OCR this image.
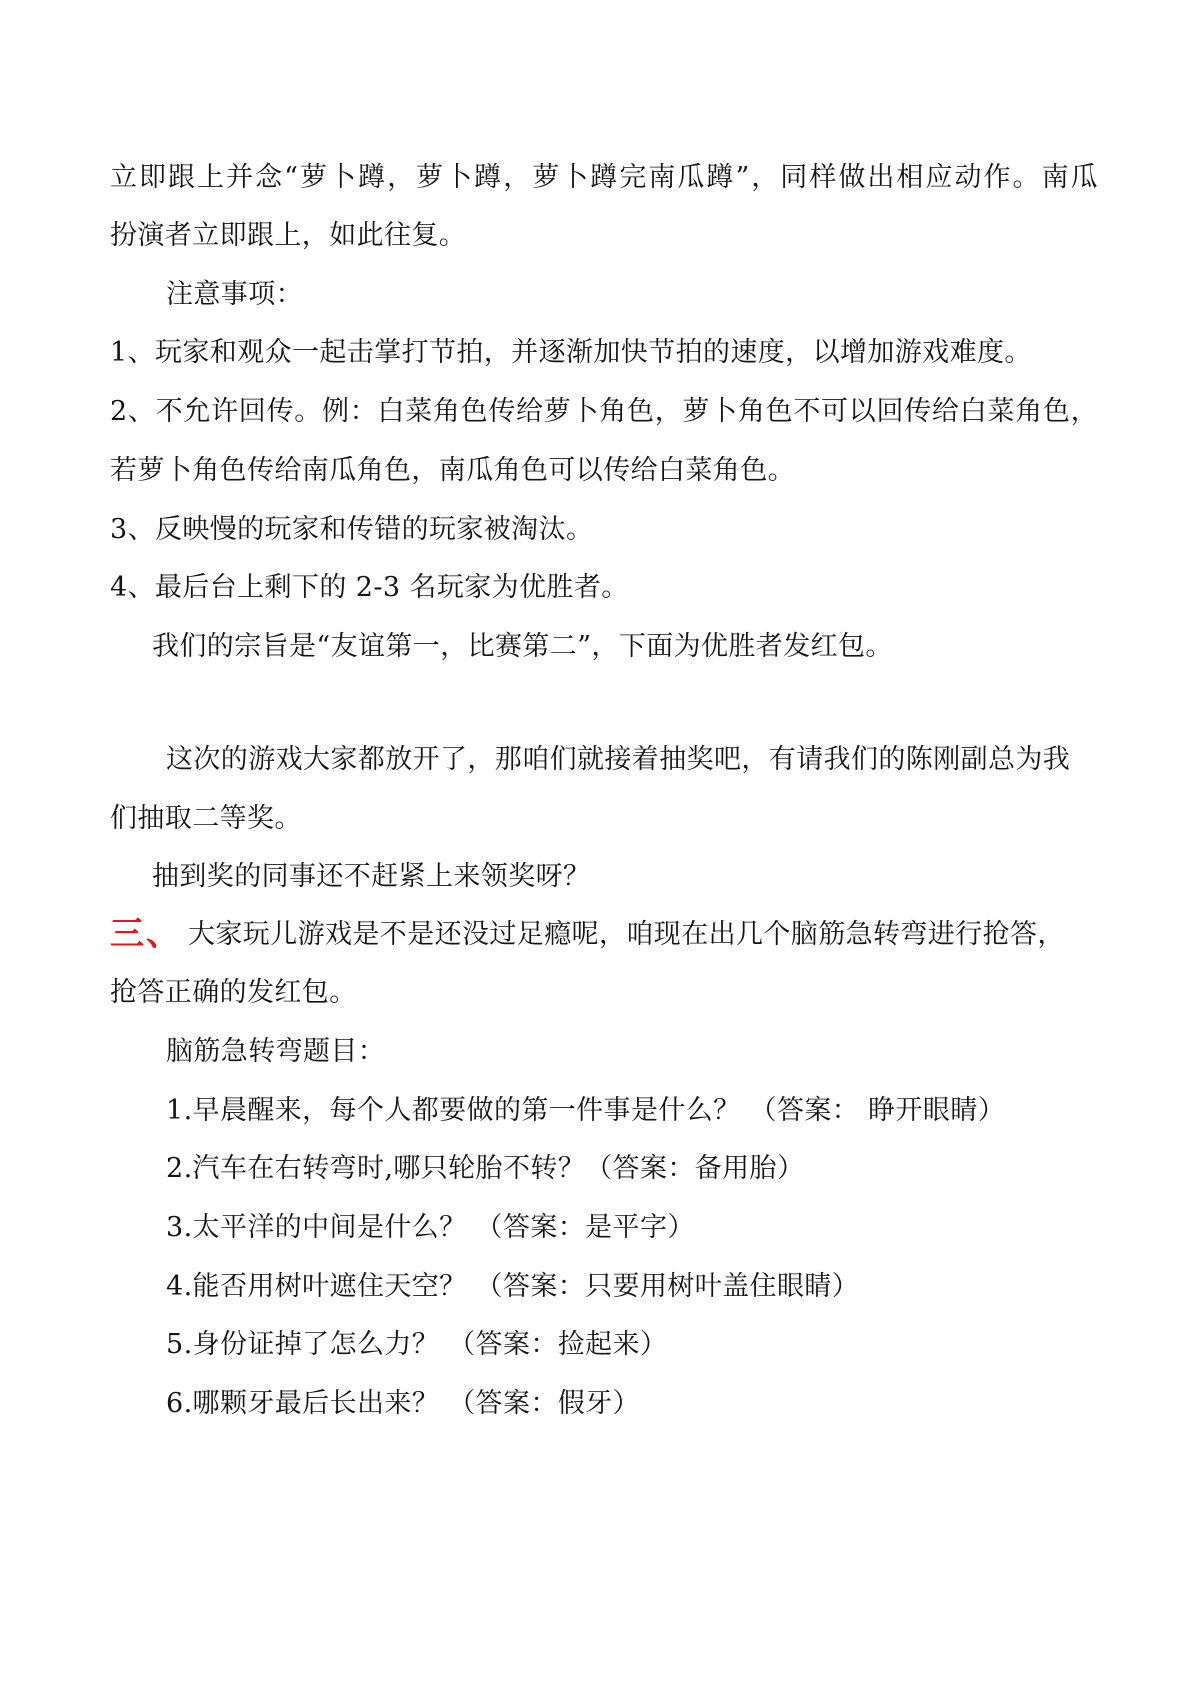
立即跟上并念“萝卜蹲，萝卜蹲，萝卜蹲完南瓜蹲”，同样做出相应动作。南瓜
扮演者立即跟上，如此往复。
注意事项：
1、玩家和观众一起击掌打节拍，并逐渐加快节拍的速度，以增加游戏难度。
2、不允许回传。例：白菜角色传给萝卜角色，萝卜角色不可以回传给白菜角色，
若萝卜角色传给南瓜角色，南瓜角色可以传给白菜角色。
3、反映慢的玩家和传错的玩家被淘汰。
4、最后台上剩下的 2-3 名玩家为优胜者。
我们的宗旨是“友谊第一，比赛第二”，下面为优胜者发红包。
这次的游戏大家都放开了，那咱们就接着抽奖吧，有请我们的陈刚副总为我
们抽取二等奖。
抽到奖的同事还不赶紧上来领奖呀？
三、 大家玩儿游戏是不是还没过足瘾呢，咱现在出几个脑筋急转弯进行抢答，
抢答正确的发红包。
脑筋急转弯题目：
1.早晨醒来，每个人都要做的第一件事是什么？ （答案： 睁开眼睛）
2.汽车在右转弯时,哪只轮胎不转？（答案：备用胎）
3.太平洋的中间是什么？ （答案：是平字）
4.能否用树叶遮住天空？ （答案：只要用树叶盖住眼睛）
5.身份证掉了怎么力？ （答案：捡起来）
6.哪颗牙最后长出来？ （答案：假牙）
